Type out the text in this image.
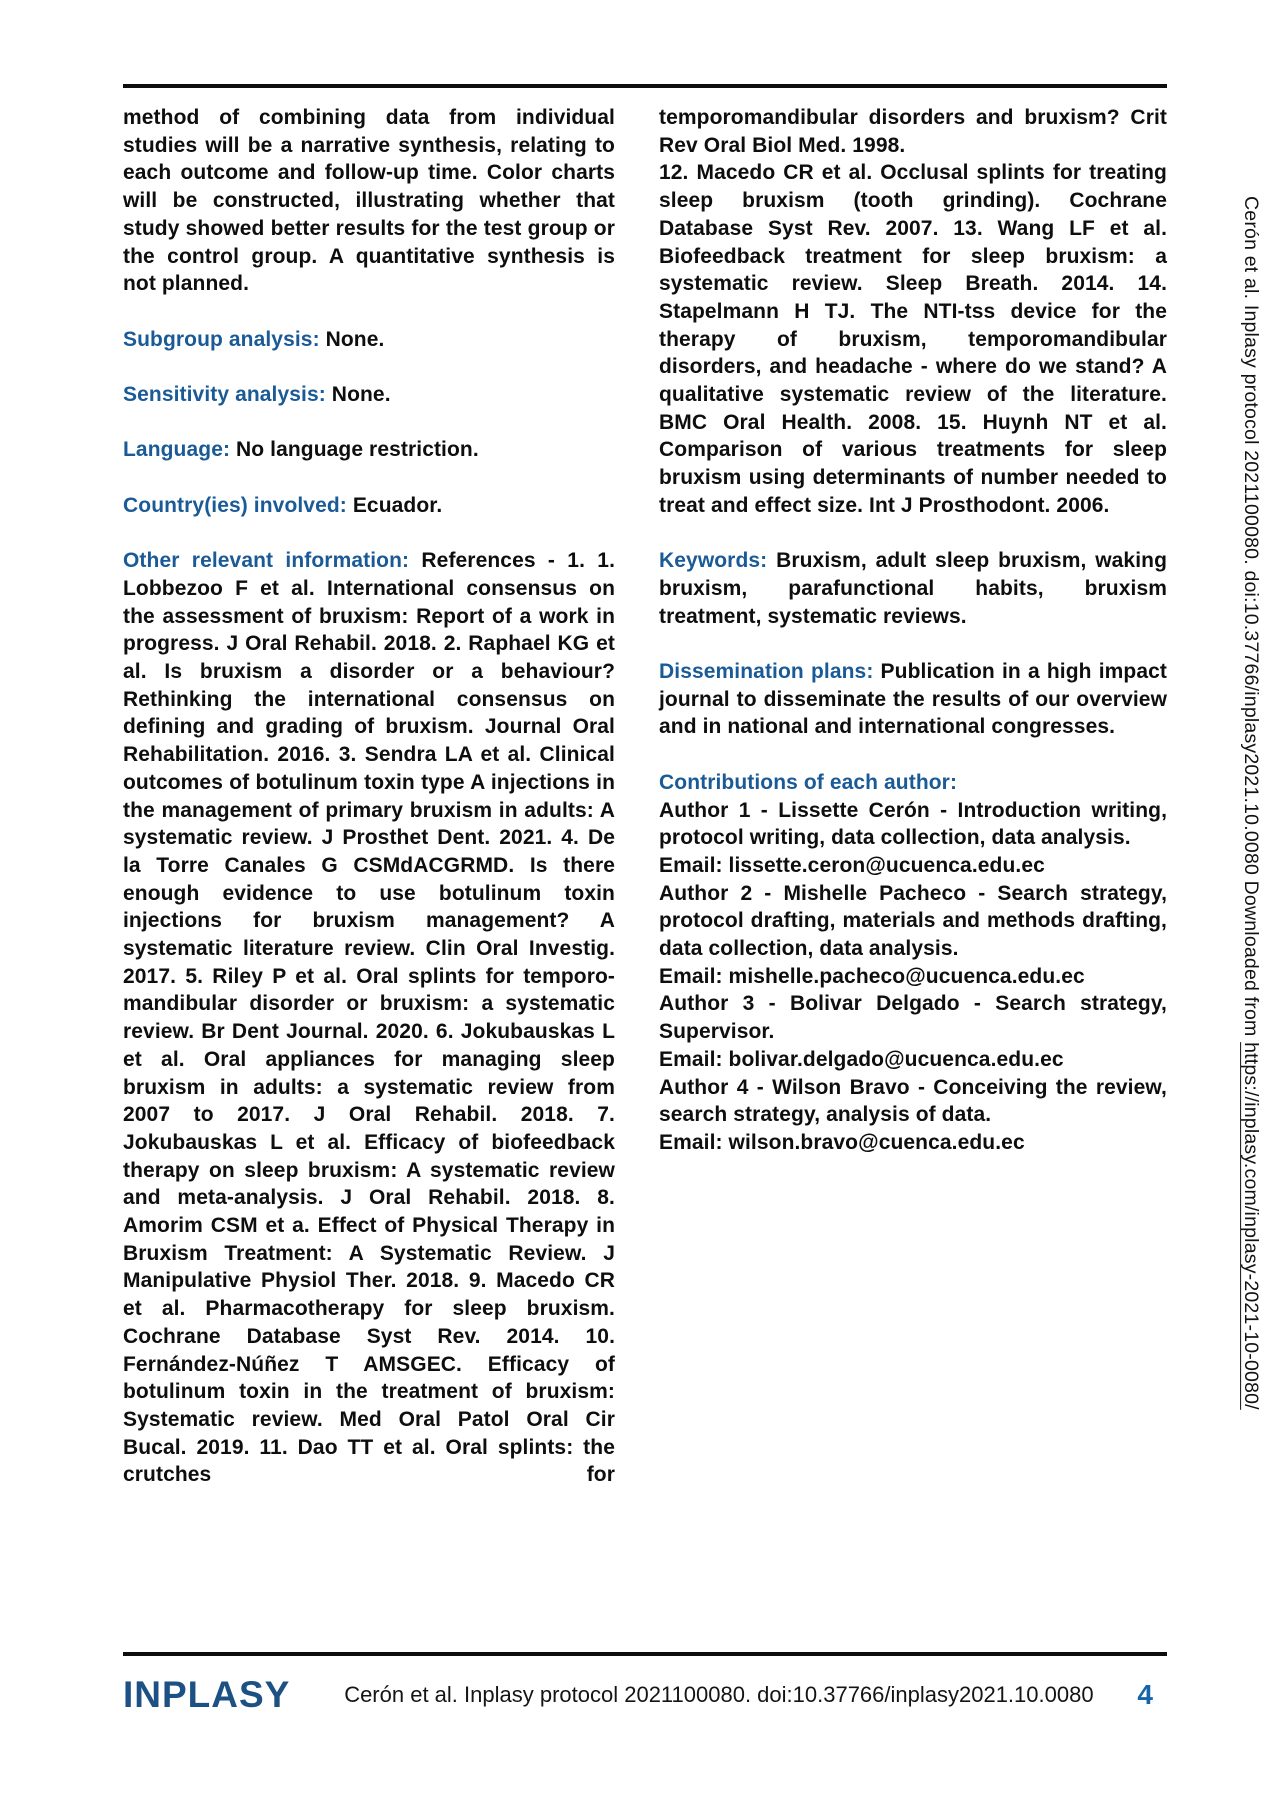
method of combining data from individual studies will be a narrative synthesis, relating to each outcome and follow-up time. Color charts will be constructed, illustrating whether that study showed better results for the test group or the control group. A quantitative synthesis is not planned.

Subgroup analysis: None.

Sensitivity analysis: None.

Language: No language restriction.

Country(ies) involved: Ecuador.

Other relevant information: References - 1. 1. Lobbezoo F et al. International consensus on the assessment of bruxism: Report of a work in progress. J Oral Rehabil. 2018. 2. Raphael KG et al. Is bruxism a disorder or a behaviour? Rethinking the international consensus on defining and grading of bruxism. Journal Oral Rehabilitation. 2016. 3. Sendra LA et al. Clinical outcomes of botulinum toxin type A injections in the management of primary bruxism in adults: A systematic review. J Prosthet Dent. 2021. 4. De la Torre Canales G CSMdACGRMD. Is there enough evidence to use botulinum toxin injections for bruxism management? A systematic literature review. Clin Oral Investig. 2017. 5. Riley P et al. Oral splints for temporo-mandibular disorder or bruxism: a systematic review. Br Dent Journal. 2020. 6. Jokubauskas L et al. Oral appliances for managing sleep bruxism in adults: a systematic review from 2007 to 2017. J Oral Rehabil. 2018. 7. Jokubauskas L et al. Efficacy of biofeedback therapy on sleep bruxism: A systematic review and meta-analysis. J Oral Rehabil. 2018. 8. Amorim CSM et a. Effect of Physical Therapy in Bruxism Treatment: A Systematic Review. J Manipulative Physiol Ther. 2018. 9. Macedo CR et al. Pharmacotherapy for sleep bruxism. Cochrane Database Syst Rev. 2014. 10. Fernández-Núñez T AMSGEC. Efficacy of botulinum toxin in the treatment of bruxism: Systematic review. Med Oral Patol Oral Cir Bucal. 2019. 11. Dao TT et al. Oral splints: the crutches for

temporomandibular disorders and bruxism? Crit Rev Oral Biol Med. 1998.
12. Macedo CR et al. Occlusal splints for treating sleep bruxism (tooth grinding). Cochrane Database Syst Rev. 2007. 13. Wang LF et al. Biofeedback treatment for sleep bruxism: a systematic review. Sleep Breath. 2014. 14. Stapelmann H TJ. The NTI-tss device for the therapy of bruxism, temporomandibular disorders, and headache - where do we stand? A qualitative systematic review of the literature. BMC Oral Health. 2008. 15. Huynh NT et al. Comparison of various treatments for sleep bruxism using determinants of number needed to treat and effect size. Int J Prosthodont. 2006.

Keywords: Bruxism, adult sleep bruxism, waking bruxism, parafunctional habits, bruxism treatment, systematic reviews.

Dissemination plans: Publication in a high impact journal to disseminate the results of our overview and in national and international congresses.

Contributions of each author:
Author 1 - Lissette Cerón - Introduction writing, protocol writing, data collection, data analysis.
Email: lissette.ceron@ucuenca.edu.ec
Author 2 - Mishelle Pacheco - Search strategy, protocol drafting, materials and methods drafting, data collection, data analysis.
Email: mishelle.pacheco@ucuenca.edu.ec
Author 3 - Bolivar Delgado - Search strategy, Supervisor.
Email: bolivar.delgado@ucuenca.edu.ec
Author 4 - Wilson Bravo - Conceiving the review, search strategy, analysis of data.
Email: wilson.bravo@cuenca.edu.ec

Cerón et al. Inplasy protocol 2021100080. doi:10.37766/inplasy2021.10.0080 Downloaded from https://inplasy.com/inplasy-2021-10-0080/
INPLASY	Cerón et al. Inplasy protocol 2021100080. doi:10.37766/inplasy2021.10.0080	4
